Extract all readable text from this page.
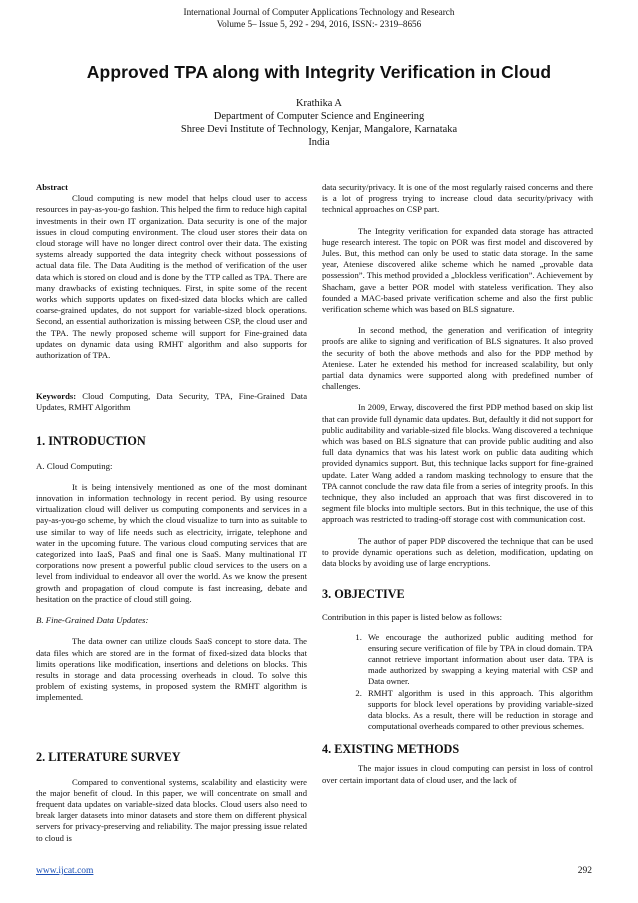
International Journal of Computer Applications Technology and Research
Volume 5– Issue 5, 292 - 294, 2016, ISSN:- 2319–8656
Approved TPA along with Integrity Verification in Cloud
Krathika A
Department of Computer Science and Engineering
Shree Devi Institute of Technology, Kenjar, Mangalore, Karnataka
India
Abstract

Cloud computing is new model that helps cloud user to access resources in pay-as-you-go fashion. This helped the firm to reduce high capital investments in their own IT organization. Data security is one of the major issues in cloud computing environment. The cloud user stores their data on cloud storage will have no longer direct control over their data. The existing systems already supported the data integrity check without possessions of actual data file. The Data Auditing is the method of verification of the user data which is stored on cloud and is done by the TTP called as TPA. There are many drawbacks of existing techniques. First, in spite some of the recent works which supports updates on fixed-sized data blocks which are called coarse-grained updates, do not support for variable-sized block operations. Second, an essential authorization is missing between CSP, the cloud user and the TPA. The newly proposed scheme will support for Fine-grained data updates on dynamic data using RMHT algorithm and also supports for authorization of TPA.

Keywords: Cloud Computing, Data Security, TPA, Fine-Grained Data Updates, RMHT Algorithm

1. INTRODUCTION
A. Cloud Computing:

It is being intensively mentioned as one of the most dominant innovation in information technology in recent period. By using resource virtualization cloud will deliver us computing components and services in a pay-as-you-go scheme, by which the cloud visualize to turn into as suitable to use similar to way of life needs such as electricity, irrigate, telephone and water in the upcoming future. The various cloud computing services that are categorized into IaaS, PaaS and final one is SaaS. Many multinational IT corporations now present a powerful public cloud services to the users on a level from individual to endeavor all over the world. As we know the present growth and propagation of cloud compute is fast increasing, debate and hesitation on the practice of cloud still going.

B. Fine-Grained Data Updates:

The data owner can utilize clouds SaaS concept to store data. The data files which are stored are in the format of fixed-sized data blocks that limits operations like modification, insertions and deletions on blocks. This results in storage and data processing overheads in cloud. To solve this problem of existing systems, in proposed system the RMHT algorithm is implemented.

2. LITERATURE SURVEY

Compared to conventional systems, scalability and elasticity were the major benefit of cloud. In this paper, we will concentrate on small and frequent data updates on variable-sized data blocks. Cloud users also need to break larger datasets into minor datasets and store them on different physical servers for privacy-preserving and reliability. The major pressing issue related to cloud is

data security/privacy. It is one of the most regularly raised concerns and there is a lot of progress trying to increase cloud data security/privacy with technical approaches on CSP part.

The Integrity verification for expanded data storage has attracted huge research interest. The topic on POR was first model and discovered by Jules. But, this method can only be used to static data storage. In the same year, Ateniese discovered alike scheme which he named „provable data possession”. This method provided a „blockless verification”. Achievement by Shacham, gave a better POR model with stateless verification. They also founded a MAC-based private verification scheme and also the first public verification scheme which was based on BLS signature.

In second method, the generation and verification of integrity proofs are alike to signing and verification of BLS signatures. It also proved the security of both the above methods and also for the PDP method by Ateniese. Later he extended his method for increased scalability, but only partial data dynamics were supported along with predefined number of challenges.

In 2009, Erway, discovered the first PDP method based on skip list that can provide full dynamic data updates. But, defaultly it did not support for public auditability and variable-sized file blocks. Wang discovered a technique which was based on BLS signature that can provide public auditing and also full data dynamics that was his latest work on public data auditing which provided dynamics support. But, this technique lacks support for fine-grained update. Later Wang added a random masking technology to ensure that the TPA cannot conclude the raw data file from a series of integrity proofs. In this technique, they also included an approach that was first discovered in to segment file blocks into multiple sectors. But in this technique, the use of this approach was restricted to trading-off storage cost with communication cost.

The author of paper PDP discovered the technique that can be used to provide dynamic operations such as deletion, modification, updating on data blocks by avoiding use of large encryptions.

3. OBJECTIVE

Contribution in this paper is listed below as follows:

1. We encourage the authorized public auditing method for ensuring secure verification of file by TPA in cloud domain. TPA cannot retrieve important information about user data. TPA is made authorized by swapping a keying material with CSP and Data owner.
2. RMHT algorithm is used in this approach. This algorithm supports for block level operations by providing variable-sized data blocks. As a result, there will be reduction in storage and computational overheads compared to other previous schemes.
4. EXISTING METHODS

The major issues in cloud computing can persist in loss of control over certain important data of cloud user, and the lack of

www.ijcat.com	292
